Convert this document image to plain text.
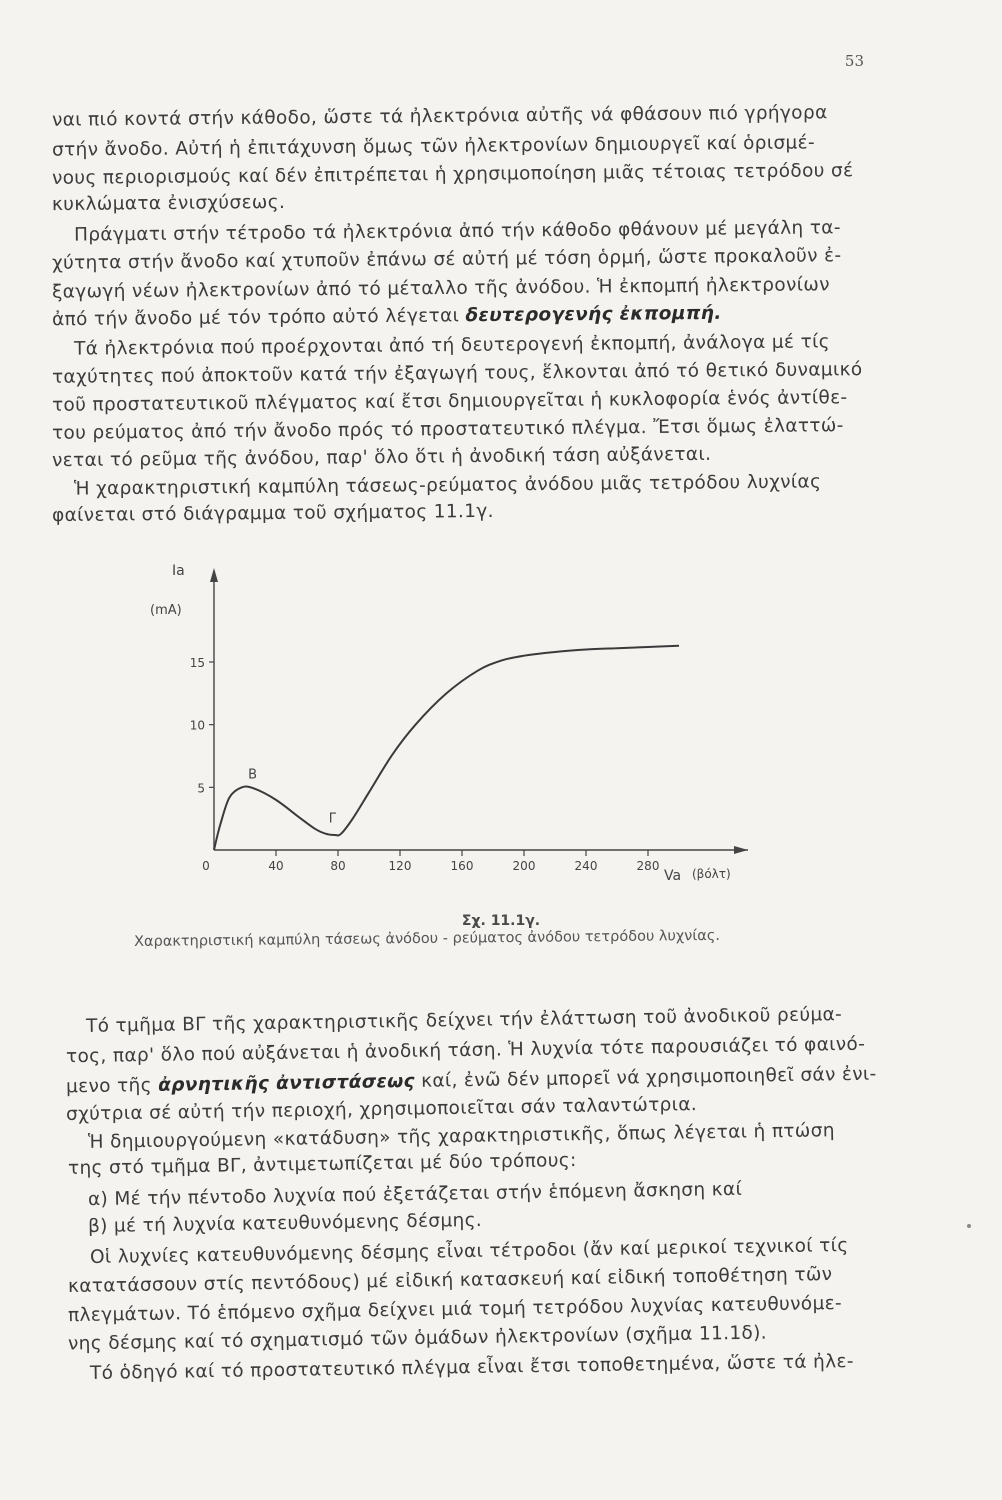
53
ναι πιό κοντά στήν κάθοδο, ὥστε τά ἠλεκτρόνια αὐτῆς νά φθάσουν πιό γρήγορα
στήν ἄνοδο. Αὐτή ἡ ἐπιτάχυνση ὅμως τῶν ἠλεκτρονίων δημιουργεῖ καί ὁρισμέ-
νους περιορισμούς καί δέν ἐπιτρέπεται ἡ χρησιμοποίηση μιᾶς τέτοιας τετρόδου σέ
κυκλώματα ἐνισχύσεως.
Πράγματι στήν τέτροδο τά ἠλεκτρόνια ἀπό τήν κάθοδο φθάνουν μέ μεγάλη τα-
χύτητα στήν ἄνοδο καί χτυποῦν ἐπάνω σέ αὐτή μέ τόση ὁρμή, ὥστε προκαλοῦν ἐ-
ξαγωγή νέων ἠλεκτρονίων ἀπό τό μέταλλο τῆς ἀνόδου. Ἡ ἐκπομπή ἠλεκτρονίων
ἀπό τήν ἄνοδο μέ τόν τρόπο αὐτό λέγεται δευτερογενής ἐκπομπή.
Τά ἠλεκτρόνια πού προέρχονται ἀπό τή δευτερογενή ἐκπομπή, ἀνάλογα μέ τίς
ταχύτητες πού ἀποκτοῦν κατά τήν ἐξαγωγή τους, ἕλκονται ἀπό τό θετικό δυναμικό
τοῦ προστατευτικοῦ πλέγματος καί ἔτσι δημιουργεῖται ἡ κυκλοφορία ἑνός ἀντίθε-
του ρεύματος ἀπό τήν ἄνοδο πρός τό προστατευτικό πλέγμα. Ἔτσι ὅμως ἐλαττώ-
νεται τό ρεῦμα τῆς ἀνόδου, παρ' ὅλο ὅτι ἡ ἀνοδική τάση αὐξάνεται.
Ἡ χαρακτηριστική καμπύλη τάσεως-ρεύματος ἀνόδου μιᾶς τετρόδου λυχνίας
φαίνεται στό διάγραμμα τοῦ σχήματος 11.1γ.
5
10
15
0	40	80	120	160	200	240	280
Ia
(mA)
Va (βόλτ)
B
Γ
Σχ. 11.1γ.
Χαρακτηριστική καμπύλη τάσεως ἀνόδου - ρεύματος ἀνόδου τετρόδου λυχνίας.
Τό τμῆμα ΒΓ τῆς χαρακτηριστικῆς δείχνει τήν ἐλάττωση τοῦ ἀνοδικοῦ ρεύμα-
τος, παρ' ὅλο πού αὐξάνεται ἡ ἀνοδική τάση. Ἡ λυχνία τότε παρουσιάζει τό φαινό-
μενο τῆς ἀρνητικῆς ἀντιστάσεως καί, ἐνῶ δέν μπορεῖ νά χρησιμοποιηθεῖ σάν ἐνι-
σχύτρια σέ αὐτή τήν περιοχή, χρησιμοποιεῖται σάν ταλαντώτρια.
Ἡ δημιουργούμενη «κατάδυση» τῆς χαρακτηριστικῆς, ὅπως λέγεται ἡ πτώση
της στό τμῆμα ΒΓ, ἀντιμετωπίζεται μέ δύο τρόπους:
α) Μέ τήν πέντοδο λυχνία πού ἐξετάζεται στήν ἑπόμενη ἄσκηση καί
β) μέ τή λυχνία κατευθυνόμενης δέσμης.
Οἱ λυχνίες κατευθυνόμενης δέσμης εἶναι τέτροδοι (ἄν καί μερικοί τεχνικοί τίς
κατατάσσουν στίς πεντόδους) μέ εἰδική κατασκευή καί εἰδική τοποθέτηση τῶν
πλεγμάτων. Τό ἑπόμενο σχῆμα δείχνει μιά τομή τετρόδου λυχνίας κατευθυνόμε-
νης δέσμης καί τό σχηματισμό τῶν ὁμάδων ἠλεκτρονίων (σχῆμα 11.1δ).
Τό ὁδηγό καί τό προστατευτικό πλέγμα εἶναι ἔτσι τοποθετημένα, ὥστε τά ἠλε-
